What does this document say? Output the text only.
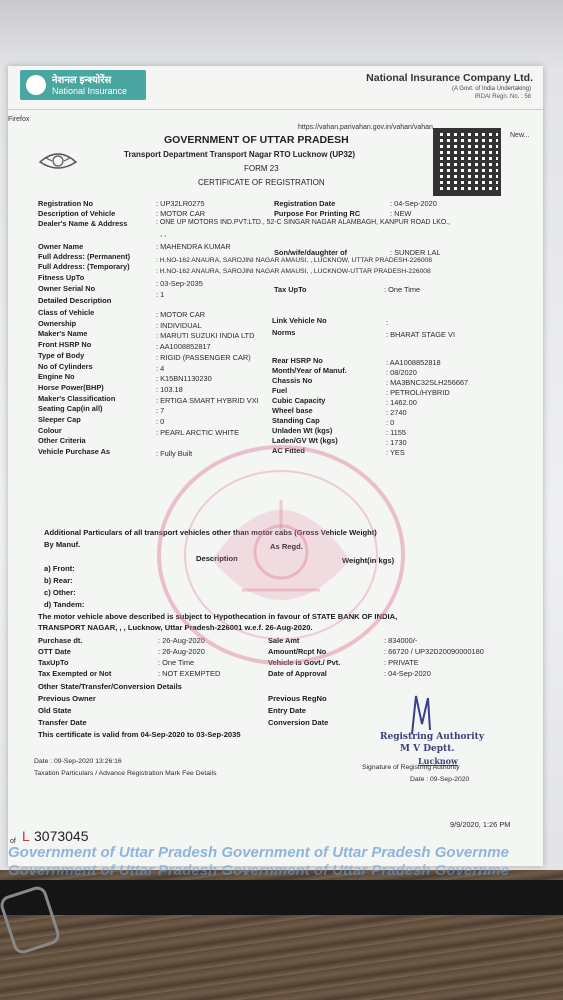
नेशनल इन्श्योरेंस
National Insurance
National Insurance Company Ltd.
(A Govt. of India Undertaking)
IRDAI Regn. No. : 58
Firefox
https://vahan.parivahan.gov.in/vahan/vahan
New...
GOVERNMENT OF UTTAR PRADESH
Transport Department Transport Nagar RTO Lucknow (UP32)
FORM 23
CERTIFICATE OF REGISTRATION
Registration No	: UP32LR0275	Registration Date	: 04-Sep-2020
Description of Vehicle	: MOTOR CAR	Purpose For Printing RC	: NEW
Dealer's Name & Address	: ONE UP MOTORS IND.PVT.LTD., 52-C SINGAR NAGAR ALAMBAGH, KANPUR ROAD LKO.,
, ,
Owner Name	: MAHENDRA KUMAR
Son/wife/daughter of	: SUNDER LAL
Full Address: (Permanent)	: H.NO-162 ANAURA, SAROJINI NAGAR AMAUSI, , LUCKNOW, UTTAR PRADESH-226008
Full Address: (Temporary)
: H.NO-162 ANAURA, SAROJINI NAGAR AMAUSI, , LUCKNOW-UTTAR PRADESH-226008
Fitness UpTo
: 03-Sep-2035
Tax UpTo	: One Time
Owner Serial No
: 1
Detailed Description
Class of Vehicle	: MOTOR CAR
Ownership	: INDIVIDUAL
Maker's Name	: MARUTI SUZUKI INDIA LTD
Front HSRP No	: AA1008852817
Type of Body	: RIGID (PASSENGER CAR)
No of Cylinders	: 4
Engine No	: K15BN1130230
Horse Power(BHP)	: 103.18
Maker's Classification	: ERTIGA SMART HYBRID VXI
Seating Cap(in all)	: 7
Sleeper Cap	: 0
Colour	: PEARL ARCTIC WHITE
Other Criteria
Vehicle Purchase As	: Fully Built
Link Vehicle No	:
Norms	: BHARAT STAGE VI
Rear HSRP No	: AA1008852818
Month/Year of Manuf.	: 08/2020
Chassis No	: MA3BNC32SLH256667
Fuel	: PETROL/HYBRID
Cubic Capacity	: 1462.00
Wheel base	: 2740
Standing Cap	: 0
Unladen Wt (kgs)	: 1155
Laden/GV Wt (kgs)	: 1730
AC Fitted	: YES
Additional Particulars of all transport vehicles other than motor cabs (Gross Vehicle Weight)
By Manuf.	As Regd.
Description	Weight(in kgs)
a) Front:
b) Rear:
c) Other:
d) Tandem:
The motor vehicle above described is subject to Hypothecation in favour of STATE BANK OF INDIA,
TRANSPORT NAGAR, , , Lucknow, Uttar Pradesh-226001 w.e.f. 26-Aug-2020.
Purchase dt.	: 26-Aug-2020	Sale Amt	: 834000/-
OTT Date	: 26-Aug-2020	Amount/Rcpt No	: 66720 / UP32D20090000180
TaxUpTo	: One Time	Vehicle is Govt./ Pvt.	: PRIVATE
Tax Exempted or Not	: NOT EXEMPTED	Date of Approval	: 04-Sep-2020
Other State/Transfer/Conversion Details
Previous Owner	Previous RegNo
Old State	Entry Date
Transfer Date	Conversion Date
This certificate is valid from 04-Sep-2020 to 03-Sep-2035	Registring Authority
M V Deptt.
Lucknow
Signature of Registring Authority
Date : 09-Sep-2020
Date : 09-Sep-2020 13:26:16
Taxation Particulars / Advance Registration Mark Fee Details
of L 3073045
9/9/2020, 1:26 PM
Government of Uttar Pradesh Government of Uttar Pradesh Governme
Government of Uttar Pradesh Government of Uttar Pradesh Governme
